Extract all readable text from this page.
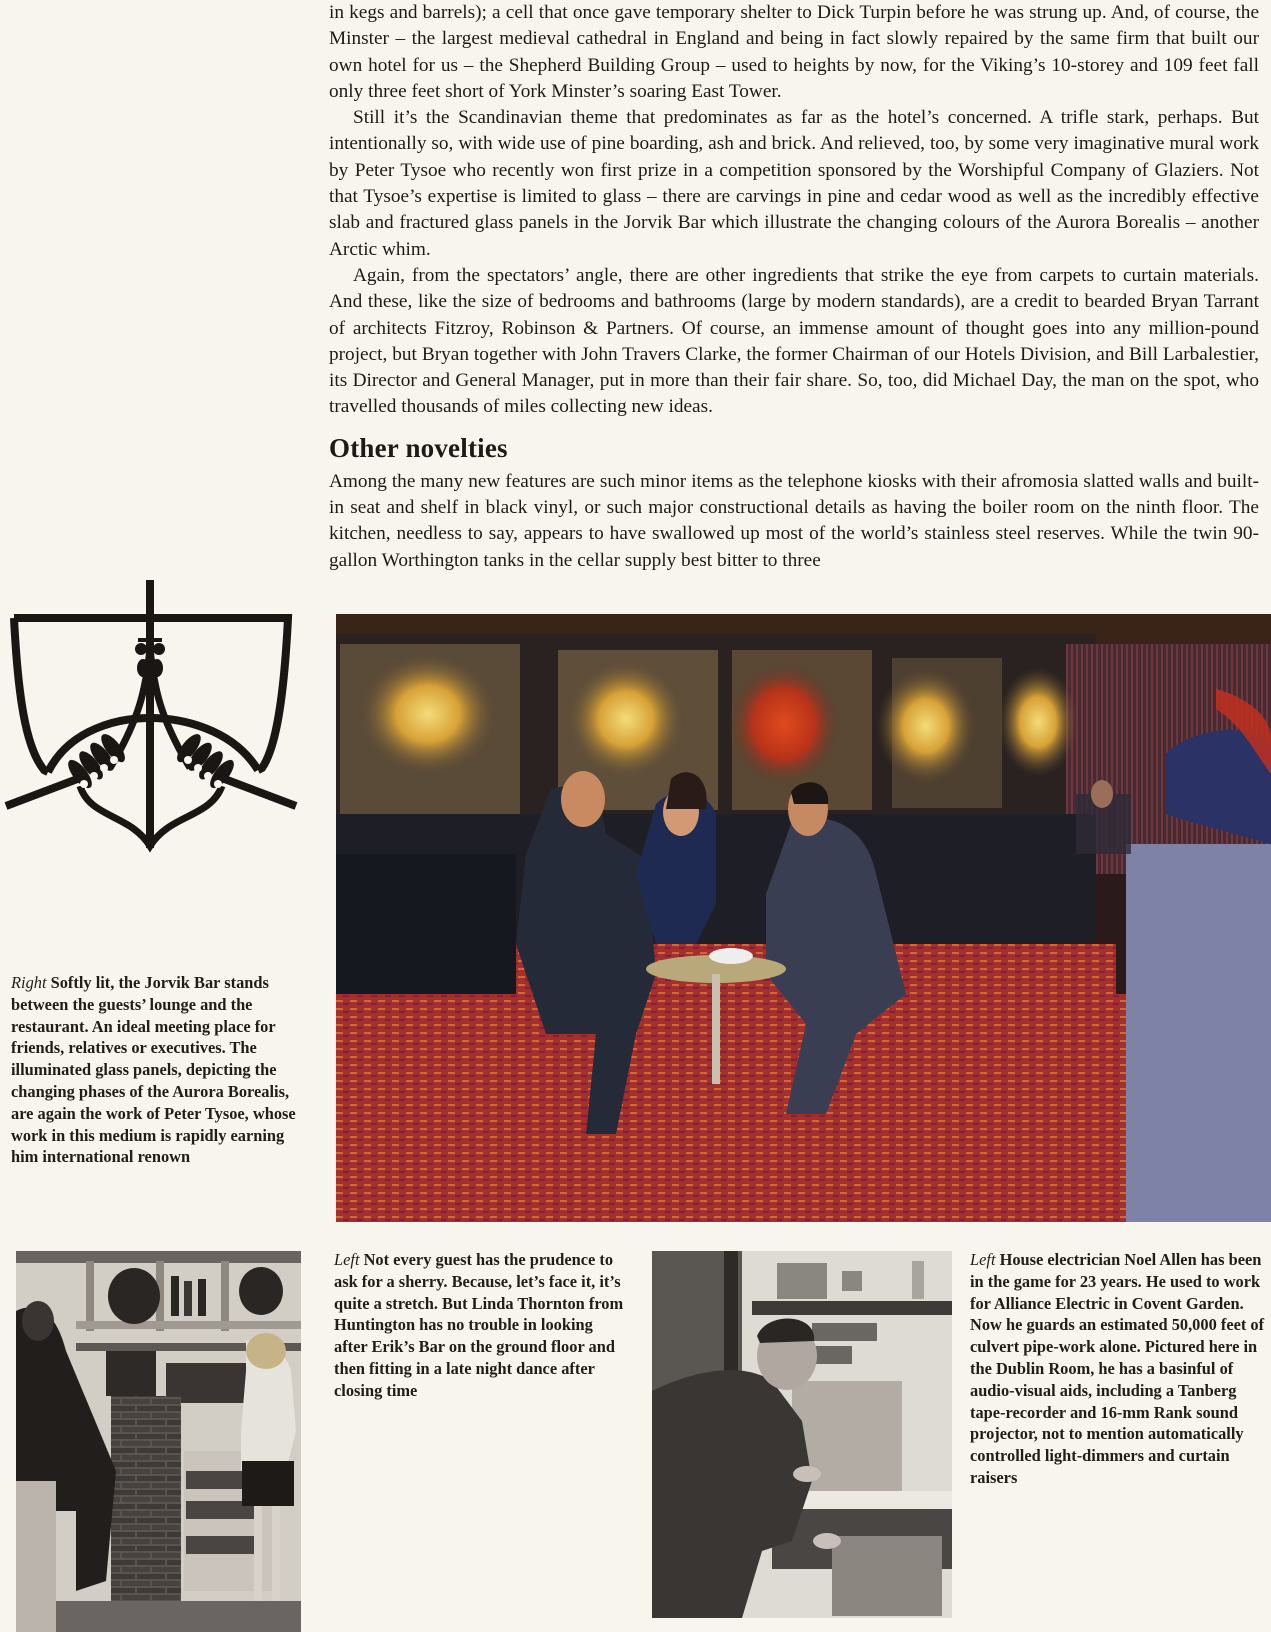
in kegs and barrels); a cell that once gave temporary shelter to Dick Turpin before he was strung up. And, of course, the Minster – the largest medieval cathedral in England and being in fact slowly repaired by the same firm that built our own hotel for us – the Shepherd Building Group – used to heights by now, for the Viking’s 10-storey and 109 feet fall only three feet short of York Minster’s soaring East Tower.

Still it’s the Scandinavian theme that predominates as far as the hotel’s concerned. A trifle stark, perhaps. But intentionally so, with wide use of pine boarding, ash and brick. And relieved, too, by some very imaginative mural work by Peter Tysoe who recently won first prize in a competition sponsored by the Worshipful Company of Glaziers. Not that Tysoe’s expertise is limited to glass – there are carvings in pine and cedar wood as well as the incredibly effective slab and fractured glass panels in the Jorvik Bar which illustrate the changing colours of the Aurora Borealis – another Arctic whim.

Again, from the spectators’ angle, there are other ingredients that strike the eye from carpets to curtain materials. And these, like the size of bedrooms and bathrooms (large by modern standards), are a credit to bearded Bryan Tarrant of architects Fitzroy, Robinson & Partners. Of course, an immense amount of thought goes into any million-pound project, but Bryan together with John Travers Clarke, the former Chairman of our Hotels Division, and Bill Larbalestier, its Director and General Manager, put in more than their fair share. So, too, did Michael Day, the man on the spot, who travelled thousands of miles collecting new ideas.

Other novelties

Among the many new features are such minor items as the telephone kiosks with their afromosia slatted walls and built-in seat and shelf in black vinyl, or such major constructional details as having the boiler room on the ninth floor. The kitchen, needless to say, appears to have swallowed up most of the world’s stainless steel reserves. While the twin 90-gallon Worthington tanks in the cellar supply best bitter to three

Right Softly lit, the Jorvik Bar stands between the guests’ lounge and the restaurant. An ideal meeting place for friends, relatives or executives. The illuminated glass panels, depicting the changing phases of the Aurora Borealis, are again the work of Peter Tysoe, whose work in this medium is rapidly earning him international renown
Left Not every guest has the prudence to ask for a sherry. Because, let’s face it, it’s quite a stretch. But Linda Thornton from Huntington has no trouble in looking after Erik’s Bar on the ground floor and then fitting in a late night dance after closing time
Left House electrician Noel Allen has been in the game for 23 years. He used to work for Alliance Electric in Covent Garden. Now he guards an estimated 50,000 feet of culvert pipe-work alone. Pictured here in the Dublin Room, he has a basinful of audio-visual aids, including a Tanberg tape-recorder and 16-mm Rank sound projector, not to mention automatically controlled light-dimmers and curtain raisers
